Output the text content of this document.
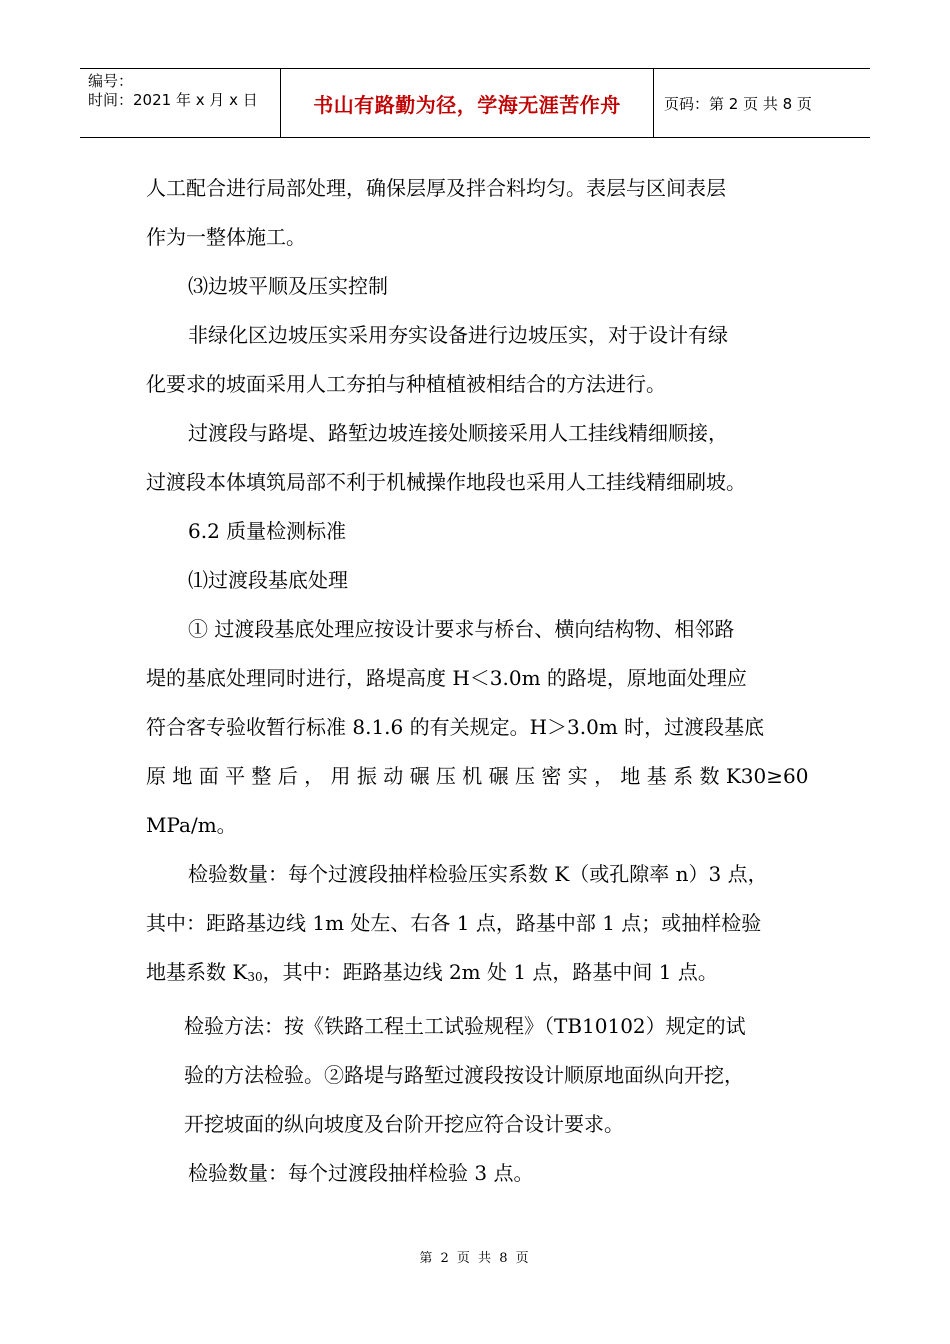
编号：
时间：2021 年 x 月 x 日	书山有路勤为径，学海无涯苦作舟	页码：第 2 页 共 8 页

人工配合进行局部处理，确保层厚及拌合料均匀。表层与区间表层

作为一整体施工。

⑶边坡平顺及压实控制

非绿化区边坡压实采用夯实设备进行边坡压实，对于设计有绿

化要求的坡面采用人工夯拍与种植植被相结合的方法进行。

过渡段与路堤、路堑边坡连接处顺接采用人工挂线精细顺接，

过渡段本体填筑局部不利于机械操作地段也采用人工挂线精细刷坡。

6.2 质量检测标准

⑴过渡段基底处理

① 过渡段基底处理应按设计要求与桥台、横向结构物、相邻路

堤的基底处理同时进行，路堤高度 H＜3.0m 的路堤，原地面处理应

符合客专验收暂行标准 8.1.6 的有关规定。H＞3.0m 时，过渡段基底

原 地 面 平 整 后 ， 用 振 动 碾 压 机 碾 压 密 实 ， 地 基 系 数 K30≥60

MPa/m。

检验数量：每个过渡段抽样检验压实系数 K（或孔隙率 n）3 点，

其中：距路基边线 1m 处左、右各 1 点，路基中部 1 点；或抽样检验

地基系数 $K_{30}$，其中：距路基边线 2m 处 1 点，路基中间 1 点。

检验方法：按《铁路工程土工试验规程》（TB10102）规定的试

验的方法检验。②路堤与路堑过渡段按设计顺原地面纵向开挖，

开挖坡面的纵向坡度及台阶开挖应符合设计要求。

检验数量：每个过渡段抽样检验 3 点。

第 2 页 共 8 页
